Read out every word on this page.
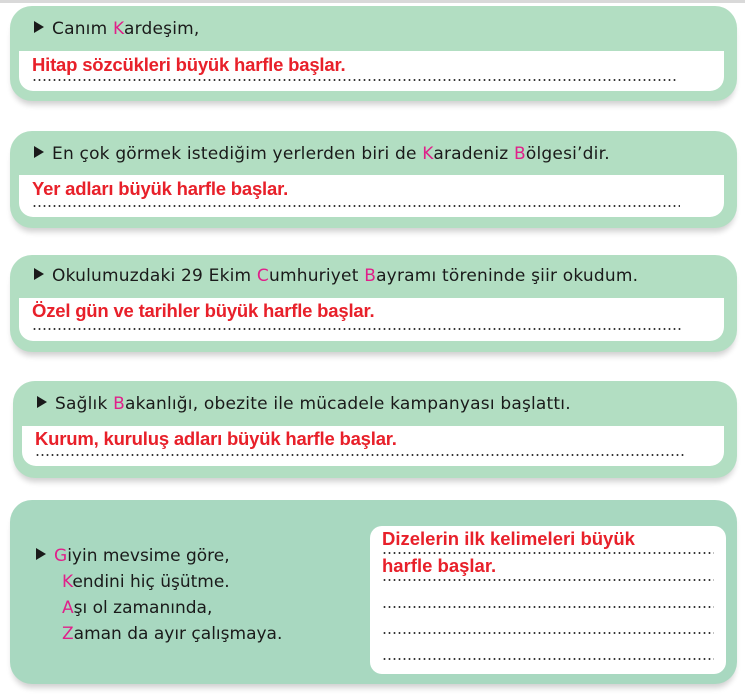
Canım Kardeşim,
Hitap sözcükleri büyük harfle başlar.
En çok görmek istediğim yerlerden biri de Karadeniz Bölgesi’dir.
Yer adları büyük harfle başlar.
Okulumuzdaki 29 Ekim Cumhuriyet Bayramı töreninde şiir okudum.
Özel gün ve tarihler büyük harfle başlar.
Sağlık Bakanlığı, obezite ile mücadele kampanyası başlattı.
Kurum, kuruluş adları büyük harfle başlar.
Giyin mevsime göre,
Kendini hiç üşütme.
Aşı ol zamanında,
Zaman da ayır çalışmaya.
Dizelerin ilk kelimeleri büyük
harfle başlar.
